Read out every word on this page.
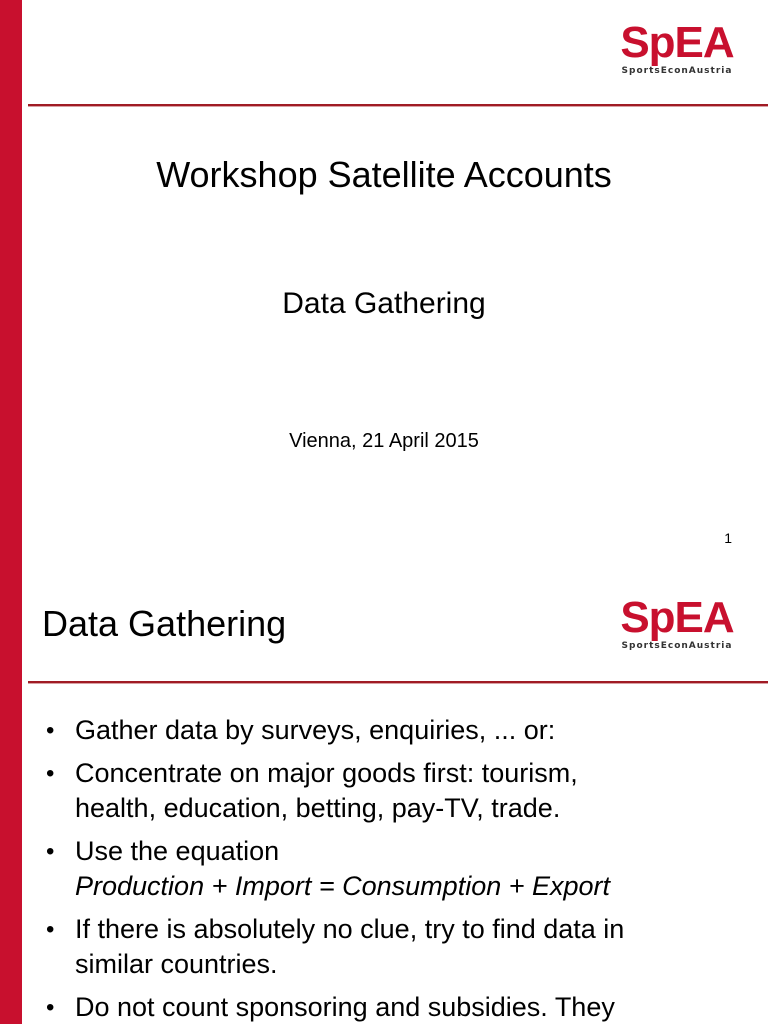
SpEA
SportsEconAustria
Workshop Satellite Accounts
Data Gathering
Vienna, 21 April 2015
1
SpEA
SportsEconAustria
Data Gathering
• Gather data by surveys, enquiries, ... or:
• Concentrate on major goods first: tourism,
health, education, betting, pay-TV, trade.
• Use the equation
Production + Import = Consumption + Export
• If there is absolutely no clue, try to find data in
similar countries.
• Do not count sponsoring and subsidies. They
